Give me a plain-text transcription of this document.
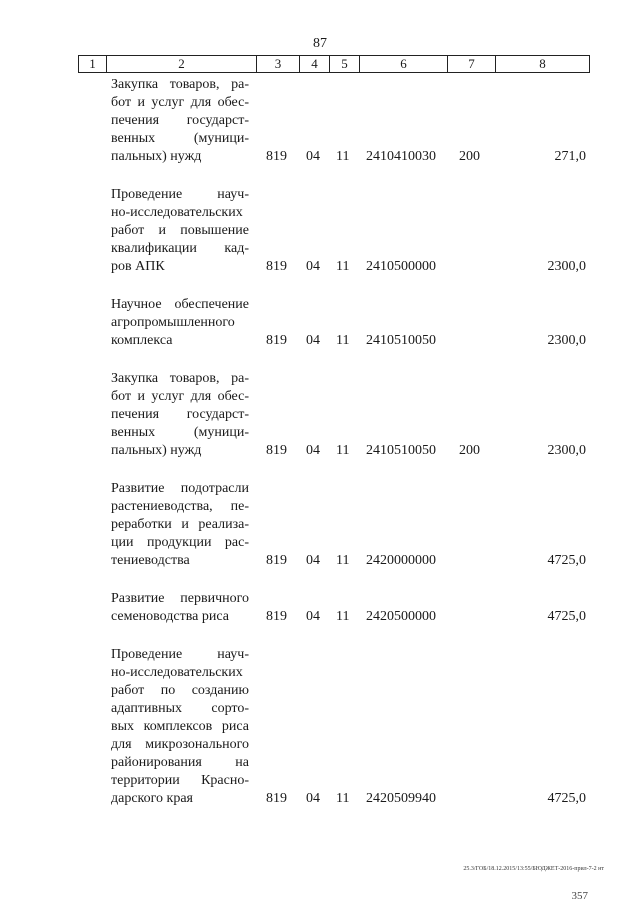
87
1	2	3	4	5	6	7	8
Закупка товаров, ра-
бот и услуг для обес-
печения государст-
венных (муници-
пальных) нужд	819 04 11 2410410030 200	271,0
Проведение науч-
но-исследовательских
работ и повышение
квалификации кад-
ров АПК	819 04 11 2410500000	2300,0
Научное обеспечение
агропромышленного
комплекса	819 04 11 2410510050	2300,0
Закупка товаров, ра-
бот и услуг для обес-
печения государст-
венных (муници-
пальных) нужд	819 04 11 2410510050 200	2300,0
Развитие подотрасли
растениеводства, пе-
реработки и реализа-
ции продукции рас-
тениеводства	819 04 11 2420000000	4725,0
Развитие первичного
семеноводства риса	819 04 11 2420500000	4725,0
Проведение науч-
но-исследовательских
работ по созданию
адаптивных сорто-
вых комплексов риса
для микрозонального
районирования на
территории Красно-
дарского края	819 04 11 2420509940	4725,0
25.3/ГОБ/18.12.2015/13:55/БЮДЖЕТ-2016-прил-7-2 нт
357
